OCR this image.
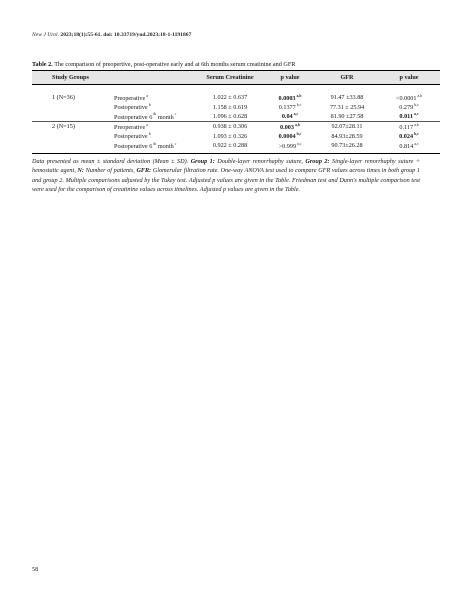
New J Urol. 2023;18(1):55-61. doi: 10.33719/yud.2023;18-1-1191867
Table 2. The comparison of preopertive, post-operative early and at 6th months serum creatinine and GFR
Study Groups		Serum Creatinine	p value	GFR	p value
1 (N=36)	Preoperative$^a$	1.022 ± 0.637	0.0003$^{a,b}$	91.47 ±33.88	$<0.0001^{a,b}$
	Postoperative$^b$	1.158 ± 0.619	0.1377$^{b,c}$	77.31 ± 25.94	0.279$^{b,c}$
	Postoperative 6th month$^c$	1.096 ± 0.628	0.04$^{a,c}$	81.90 ±27.58	0.011$^{a,c}$
2 (N=15)	Preoperative$^a$	0.938 ± 0.306	0.003$^{a,b}$	92.07±28.11	0.117$^{a,b}$
	Postoperative$^b$	1.093 ± 0.326	0.0004$^{b,c}$	84.93±28.59	0.024$^{b,c}$
	Postoperative 6th month$^c$	0.922 ± 0.288	$>0.999^{a,c}$	90.73±26.28	0.814$^{a,c}$
Data presented as mean ± standard deviation (Mean ± SD). Group 1: Double-layer renorrhaphy suture, Group 2: Single-layer renorrhaphy suture + hemostatic agent, N: Number of patients, GFR: Glomerular filtration rate. One-way ANOVA test used to compare GFR values across times in both group 1 and group 2. Multiple comparisons adjusted by the Tukey test. Adjusted p values are given in the Table. Friedman test and Dunn's multiple comparison test were used for the comparison of creatinine values across timelines. Adjusted p values are given in the Table.
58
